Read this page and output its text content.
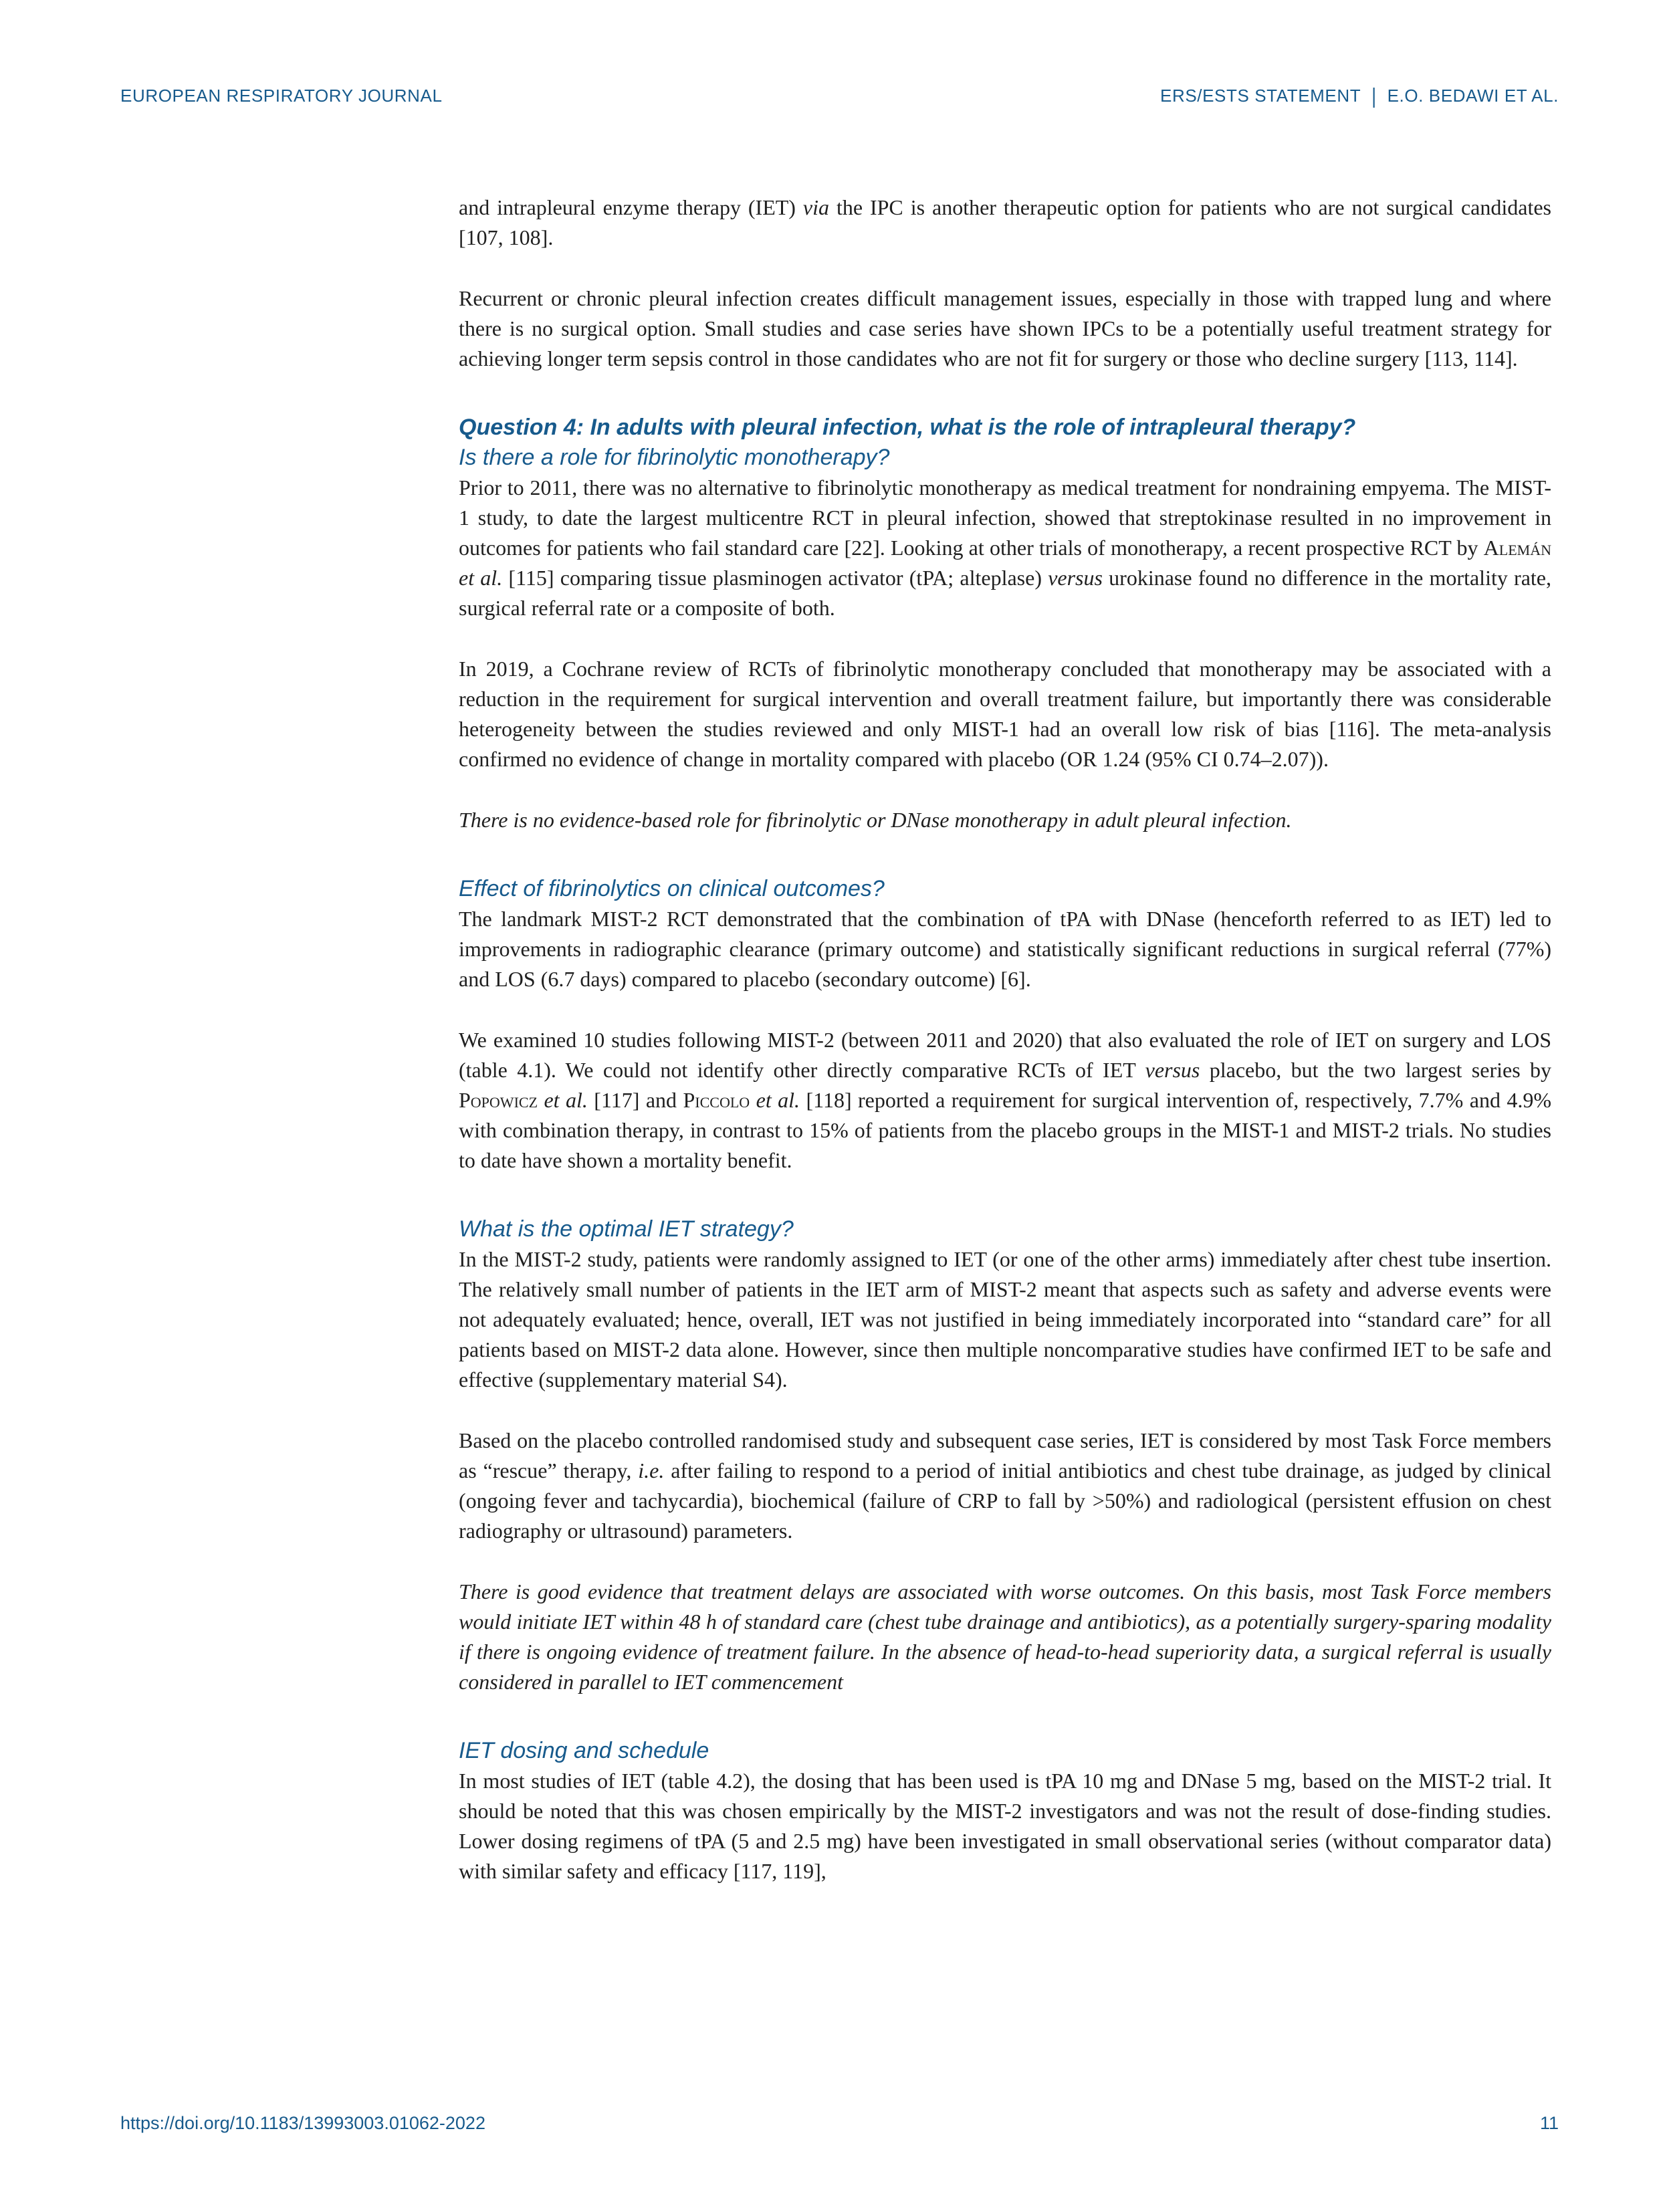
EUROPEAN RESPIRATORY JOURNAL	ERS/ESTS STATEMENT | E.O. BEDAWI ET AL.

and intrapleural enzyme therapy (IET) via the IPC is another therapeutic option for patients who are not surgical candidates [107, 108].

Recurrent or chronic pleural infection creates difficult management issues, especially in those with trapped lung and where there is no surgical option. Small studies and case series have shown IPCs to be a potentially useful treatment strategy for achieving longer term sepsis control in those candidates who are not fit for surgery or those who decline surgery [113, 114].

Question 4: In adults with pleural infection, what is the role of intrapleural therapy?
Is there a role for fibrinolytic monotherapy?

Prior to 2011, there was no alternative to fibrinolytic monotherapy as medical treatment for nondraining empyema. The MIST-1 study, to date the largest multicentre RCT in pleural infection, showed that streptokinase resulted in no improvement in outcomes for patients who fail standard care [22]. Looking at other trials of monotherapy, a recent prospective RCT by Alemán et al. [115] comparing tissue plasminogen activator (tPA; alteplase) versus urokinase found no difference in the mortality rate, surgical referral rate or a composite of both.

In 2019, a Cochrane review of RCTs of fibrinolytic monotherapy concluded that monotherapy may be associated with a reduction in the requirement for surgical intervention and overall treatment failure, but importantly there was considerable heterogeneity between the studies reviewed and only MIST-1 had an overall low risk of bias [116]. The meta-analysis confirmed no evidence of change in mortality compared with placebo (OR 1.24 (95% CI 0.74–2.07)).

There is no evidence-based role for fibrinolytic or DNase monotherapy in adult pleural infection.

Effect of fibrinolytics on clinical outcomes?

The landmark MIST-2 RCT demonstrated that the combination of tPA with DNase (henceforth referred to as IET) led to improvements in radiographic clearance (primary outcome) and statistically significant reductions in surgical referral (77%) and LOS (6.7 days) compared to placebo (secondary outcome) [6].

We examined 10 studies following MIST-2 (between 2011 and 2020) that also evaluated the role of IET on surgery and LOS (table 4.1). We could not identify other directly comparative RCTs of IET versus placebo, but the two largest series by Popowicz et al. [117] and Piccolo et al. [118] reported a requirement for surgical intervention of, respectively, 7.7% and 4.9% with combination therapy, in contrast to 15% of patients from the placebo groups in the MIST-1 and MIST-2 trials. No studies to date have shown a mortality benefit.

What is the optimal IET strategy?

In the MIST-2 study, patients were randomly assigned to IET (or one of the other arms) immediately after chest tube insertion. The relatively small number of patients in the IET arm of MIST-2 meant that aspects such as safety and adverse events were not adequately evaluated; hence, overall, IET was not justified in being immediately incorporated into “standard care” for all patients based on MIST-2 data alone. However, since then multiple noncomparative studies have confirmed IET to be safe and effective (supplementary material S4).

Based on the placebo controlled randomised study and subsequent case series, IET is considered by most Task Force members as “rescue” therapy, i.e. after failing to respond to a period of initial antibiotics and chest tube drainage, as judged by clinical (ongoing fever and tachycardia), biochemical (failure of CRP to fall by >50%) and radiological (persistent effusion on chest radiography or ultrasound) parameters.

There is good evidence that treatment delays are associated with worse outcomes. On this basis, most Task Force members would initiate IET within 48 h of standard care (chest tube drainage and antibiotics), as a potentially surgery-sparing modality if there is ongoing evidence of treatment failure. In the absence of head-to-head superiority data, a surgical referral is usually considered in parallel to IET commencement

IET dosing and schedule

In most studies of IET (table 4.2), the dosing that has been used is tPA 10 mg and DNase 5 mg, based on the MIST-2 trial. It should be noted that this was chosen empirically by the MIST-2 investigators and was not the result of dose-finding studies. Lower dosing regimens of tPA (5 and 2.5 mg) have been investigated in small observational series (without comparator data) with similar safety and efficacy [117, 119],

https://doi.org/10.1183/13993003.01062-2022	11
